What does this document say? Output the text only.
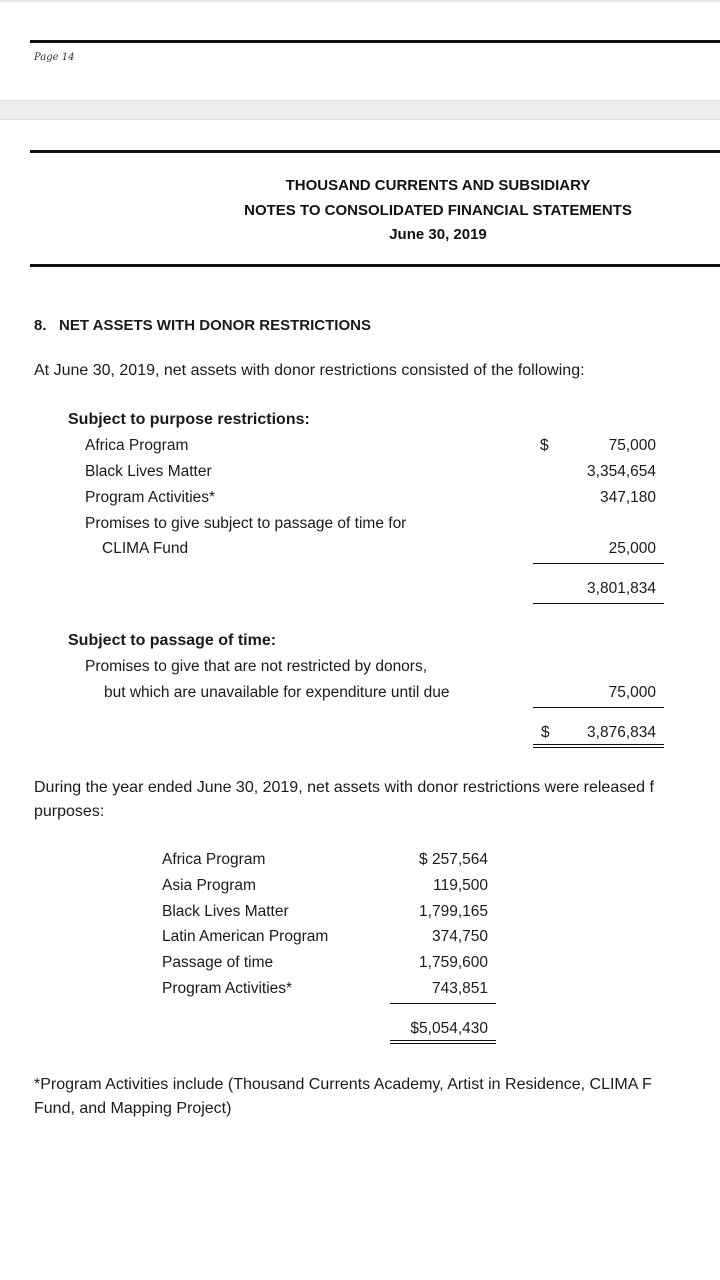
Page 14
THOUSAND CURRENTS AND SUBSIDIARY
NOTES TO CONSOLIDATED FINANCIAL STATEMENTS
June 30, 2019
8.   NET ASSETS WITH DONOR RESTRICTIONS
At June 30, 2019, net assets with donor restrictions consisted of the following:
Subject to purpose restrictions:
Africa Program	$	75,000
Black Lives Matter	3,354,654
Program Activities*	347,180
Promises to give subject to passage of time for
CLIMA Fund	25,000
3,801,834
Subject to passage of time:
Promises to give that are not restricted by donors,
but which are unavailable for expenditure until due	75,000
$	3,876,834
During the year ended June 30, 2019, net assets with donor restrictions were released f
purposes:
Africa Program	$ 257,564
Asia Program	119,500
Black Lives Matter	1,799,165
Latin American Program	374,750
Passage of time	1,759,600
Program Activities*	743,851
$5,054,430
*Program Activities include (Thousand Currents Academy, Artist in Residence, CLIMA F
Fund, and Mapping Project)
